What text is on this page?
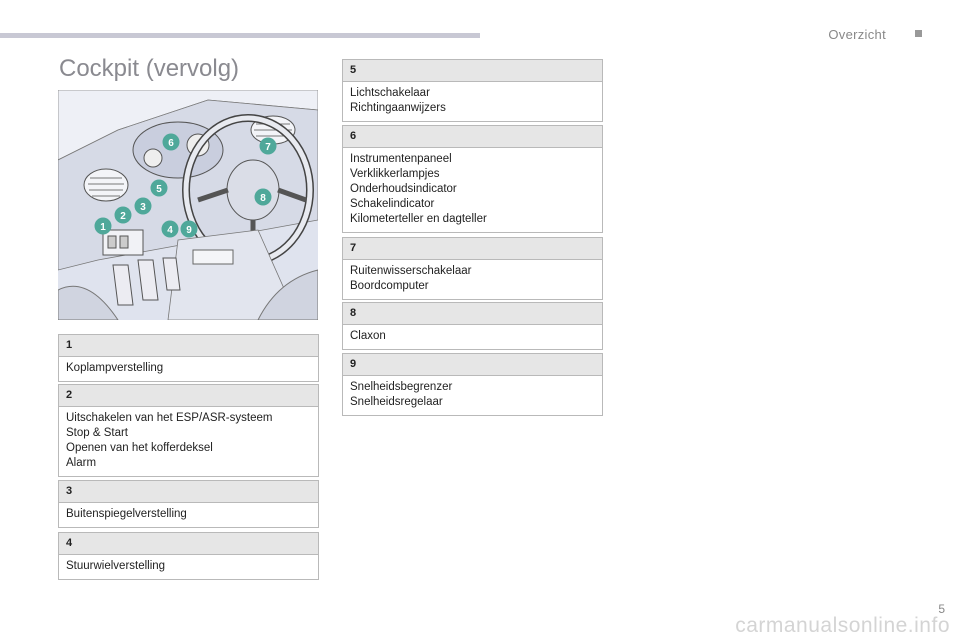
Overzicht
Cockpit (vervolg)
1
2
3
4
5
6	7
8
9
1
Koplampverstelling
2
Uitschakelen van het ESP/ASR-systeem
Stop & Start
Openen van het kofferdeksel
Alarm
3
Buitenspiegelverstelling
4
Stuurwielverstelling
5
Lichtschakelaar
Richtingaanwijzers
6
Instrumentenpaneel
Verklikkerlampjes
Onderhoudsindicator
Schakelindicator
Kilometerteller en dagteller
7
Ruitenwisserschakelaar
Boordcomputer
8
Claxon
9
Snelheidsbegrenzer
Snelheidsregelaar
5
carmanualsonline.info
